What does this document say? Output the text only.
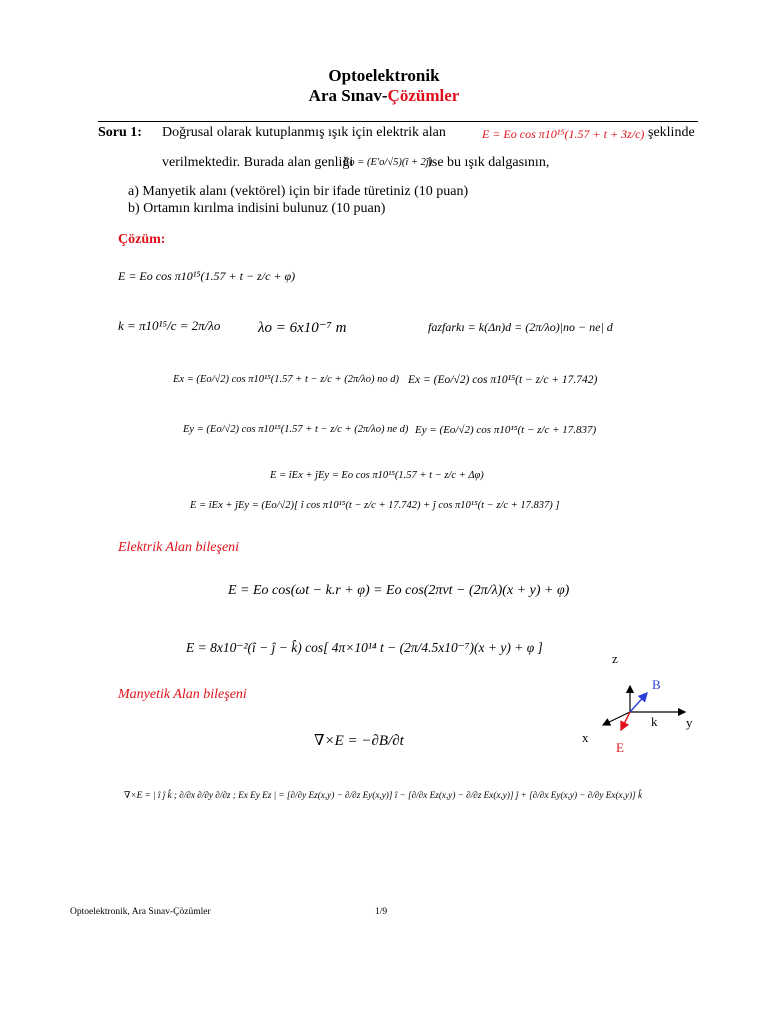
Optoelektronik
Ara Sınav-Çözümler
Soru 1: Doğrusal olarak kutuplanmış ışık için elektrik alan	E = Eo cos π10¹⁵(1.57 + t + 3z/c) şeklinde
verilmektedir. Burada alan genliği
Eo = (E'o/√5)(î + 2ĵ)
ise bu ışık dalgasının,
a) Manyetik alanı (vektörel) için bir ifade türetiniz (10 puan)
b) Ortamın kırılma indisini bulunuz (10 puan)
Çözüm:
E = Eo cos π10¹⁵(1.57 + t − z/c + φ)
k = π10¹⁵/c = 2π/λo	λo = 6x10⁻⁷ m	fazfarkı = k(Δn)d = (2π/λo)|no − ne| d
Ex = (Eo/√2) cos π10¹⁵(1.57 + t − z/c + (2π/λo) no d) Ex = (Eo/√2) cos π10¹⁵(t − z/c + 17.742)
Ey = (Eo/√2) cos π10¹⁵(1.57 + t − z/c + (2π/λo) ne d) Ey = (Eo/√2) cos π10¹⁵(t − z/c + 17.837)
E = îEx + ĵEy = Eo cos π10¹⁵(1.57 + t − z/c + Δφ)
E = îEx + ĵEy = (Eo/√2)[ î cos π10¹⁵(t − z/c + 17.742) + ĵ cos π10¹⁵(t − z/c + 17.837) ]
Elektrik Alan bileşeni
E = Eo cos(ωt − k.r + φ) = Eo cos(2πνt − (2π/λ)(x + y) + φ)
E = 8x10⁻²(î − ĵ − k̂) cos[ 4π×10¹⁴ t − (2π/4.5x10⁻⁷)(x + y) + φ ]
Manyetik Alan bileşeni
∇×E = −∂B/∂t
∇×E = | î ĵ k̂ ; ∂/∂x ∂/∂y ∂/∂z ; Ex Ey Ez | = [∂/∂y Ez(x,y) − ∂/∂z Ey(x,y)] î − [∂/∂x Ez(x,y) − ∂/∂z Ex(x,y)] ĵ + [∂/∂x Ey(x,y) − ∂/∂y Ex(x,y)] k̂
z
B
k y
x
E
Optoelektronik, Ara Sınav-Çözümler	1/9
